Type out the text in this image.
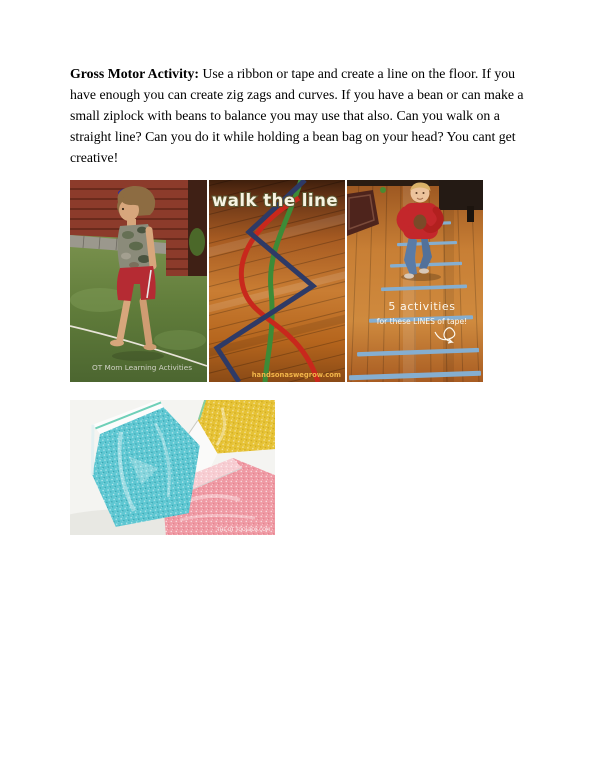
Gross Motor Activity: Use a ribbon or tape and create a line on the floor. If you have enough you can create zig zags and curves. If you have a bean or can make a small ziplock with beans to balance you may use that also. Can you walk on a straight line? Can you do it while holding a bean bag on your head? You cant get creative!

OT Mom Learning Activities
walk the line
handsonaswegrow.com
5 activities
for these LINES of tape!
THE OT TOOLBOX.COM
